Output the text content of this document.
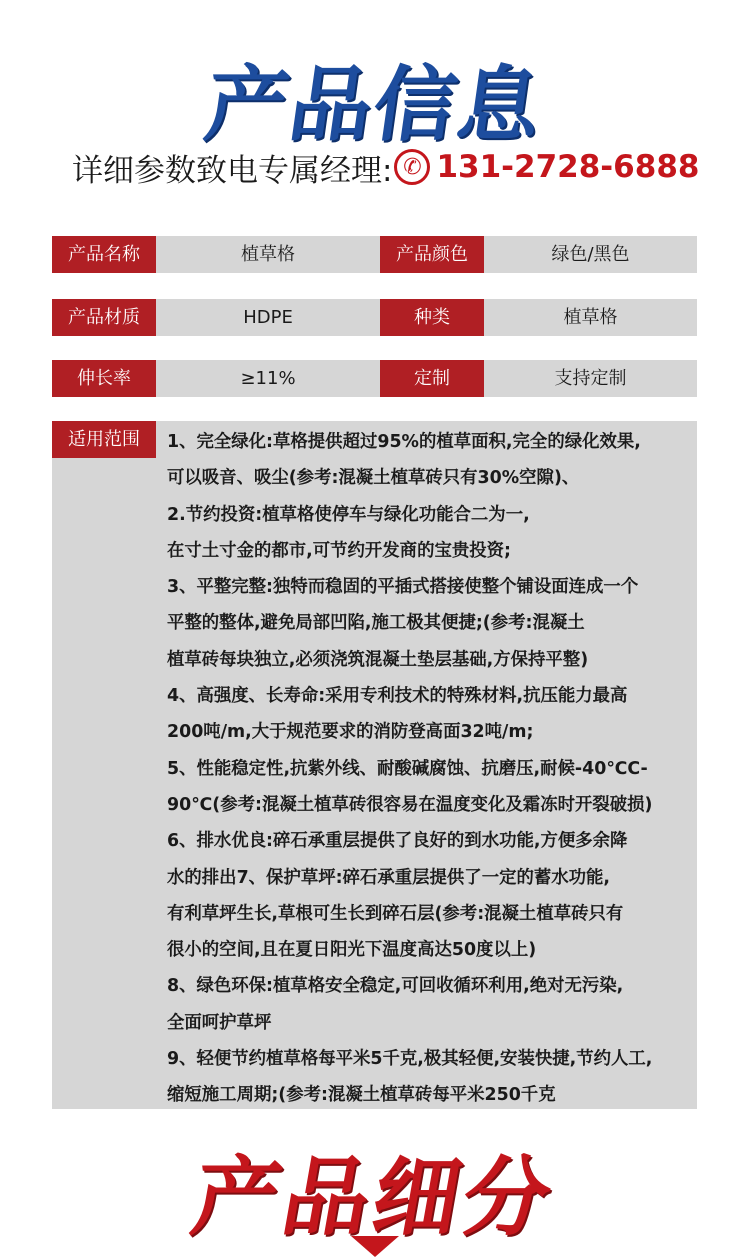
产品信息
详细参数致电专属经理: ✆ 131-2728-6888
产品名称	植草格	产品颜色	绿色/黑色
产品材质	HDPE	种类	植草格
伸长率	≥11%	定制	支持定制
适用范围	1、完全绿化:草格提供超过95%的植草面积,完全的绿化效果,
可以吸音、吸尘(参考:混凝土植草砖只有30%空隙)、
2.节约投资:植草格使停车与绿化功能合二为一,
在寸土寸金的都市,可节约开发商的宝贵投资;
3、平整完整:独特而稳固的平插式搭接使整个铺设面连成一个
平整的整体,避免局部凹陷,施工极其便捷;(参考:混凝土
植草砖每块独立,必须浇筑混凝土垫层基础,方保持平整)
4、高强度、长寿命:采用专利技术的特殊材料,抗压能力最高
200吨/m,大于规范要求的消防登高面32吨/m;
5、性能稳定性,抗紫外线、耐酸碱腐蚀、抗磨压,耐候-40℃C-
90℃(参考:混凝土植草砖很容易在温度变化及霜冻时开裂破损)
6、排水优良:碎石承重层提供了良好的到水功能,方便多余降
水的排出7、保护草坪:碎石承重层提供了一定的蓄水功能,
有利草坪生长,草根可生长到碎石层(参考:混凝土植草砖只有
很小的空间,且在夏日阳光下温度高达50度以上)
8、绿色环保:植草格安全稳定,可回收循环利用,绝对无污染,
全面呵护草坪
9、轻便节约植草格每平米5千克,极其轻便,安装快捷,节约人工,
缩短施工周期;(参考:混凝土植草砖每平米250千克
产品细分
